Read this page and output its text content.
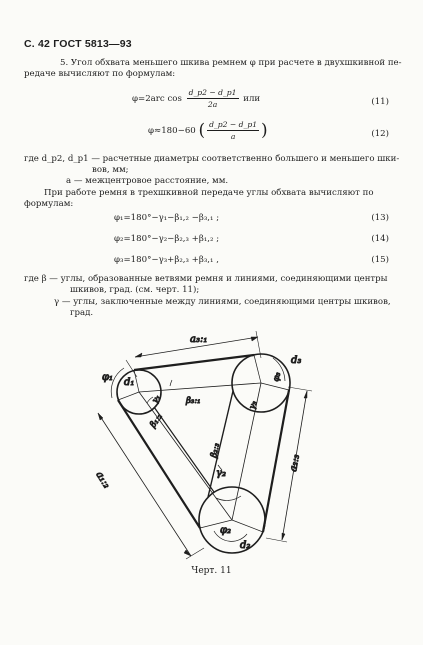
С. 42 ГОСТ 5813—93
5. Угол обхвата меньшего шкива ремнем φ при расчете в двухшкивной пе-
редаче вычисляют по формулам:
φ=2arc $\cos \frac{d\_p2 - d\_p1}{2a}$ или	(11)
φ≈180−60 ( $\frac{d\_p2 - d\_p1}{a}$ )	(12)
где d_p2, d_p1 — расчетные диаметры соответственно большего и меньшего шки-
вов, мм;
a — межцентровое расстояние, мм.
При работе ремня в трехшкивной передаче углы обхвата вычисляют по
формулам:
φ₁=180°−γ₁−β₁,₂ −β₃,₁ ;	(13)
φ₂=180°−γ₂−β₂,₃ +β₁,₂ ;	(14)
φ₃=180°−γ₃+β₂,₃ +β₃,₁ ,	(15)
где β — углы, образованные ветвями ремня и линиями, соединяющими центры
шкивов, град. (см. черт. 11);
γ — углы, заключенные между линиями, соединяющими центры шкивов,
град.
a₃:₁
a₁:₂
a₂:₃
d₁
d₂
d₃
φ₁
φ₂
φ₃
β₃:₁
β₁:₂
β₂:₃
γ₁
γ₂
γ₃
Черт. 11
